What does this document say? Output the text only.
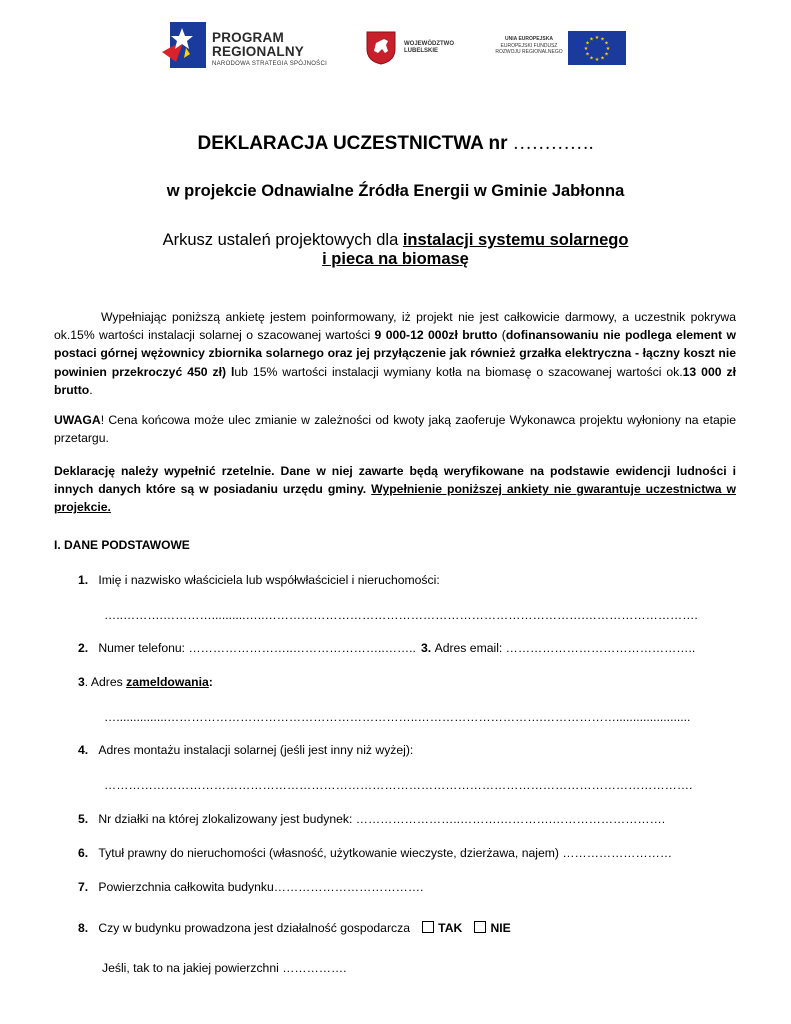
PROGRAM
REGIONALNY
NARODOWA STRATEGIA SPÓJNOŚCI
WOJEWÓDZTWO
LUBELSKIE
UNIA EUROPEJSKA
EUROPEJSKI FUNDUSZ
ROZWOJU REGIONALNEGO
★ ★
★
★
★
★
★
★
★
★
★
★
DEKLARACJA UCZESTNICTWA nr ………….
w projekcie Odnawialne Źródła Energii w Gminie Jabłonna
Arkusz ustaleń projektowych dla instalacji systemu solarnego
i pieca na biomasę
Wypełniając poniższą ankietę jestem poinformowany, iż projekt nie jest całkowicie darmowy, a uczestnik pokrywa ok.15% wartości instalacji solarnej o szacowanej wartości 9 000-12 000zł brutto (dofinansowaniu nie podlega element w postaci górnej wężownicy zbiornika solarnego oraz jej przyłączenie jak również grzałka elektryczna - łączny koszt nie powinien przekroczyć 450 zł) lub 15% wartości instalacji wymiany kotła na biomasę o szacowanej wartości ok.13 000 zł brutto.
UWAGA! Cena końcowa może ulec zmianie w zależności od kwoty jaką zaoferuje Wykonawca projektu wyłoniony na etapie przetargu.
Deklarację należy wypełnić rzetelnie. Dane w niej zawarte będą weryfikowane na podstawie ewidencji ludności i innych danych które są w posiadaniu urzędu gminy. Wypełnienie poniższej ankiety nie gwarantuje uczestnictwa w projekcie.
I. DANE PODSTAWOWE
1. Imię i nazwisko właściciela lub współwłaściciel i nieruchomości:
…..……….…………..........…..…………………………………………………………………….……………………….
2. Numer telefonu: ……………………..…………………..…….. 3. Adres email: ………………………………………..
3. Adres zameldowania:
…...............……………………………………………………..………………………….………………......................
4. Adres montażu instalacji solarnej (jeśli jest inny niż wyżej):
……………………………………………………………………………………………………………………………….
5. Nr działki na której zlokalizowany jest budynek: ……………………..……….………….……………………….
6. Tytuł prawny do nieruchomości (własność, użytkowanie wieczyste, dzierżawa, najem) ………………………
7. Powierzchnia całkowita budynku……………………………….
8. Czy w budynku prowadzona jest działalność gospodarcza TAK NIE
Jeśli, tak to na jakiej powierzchni …………….
